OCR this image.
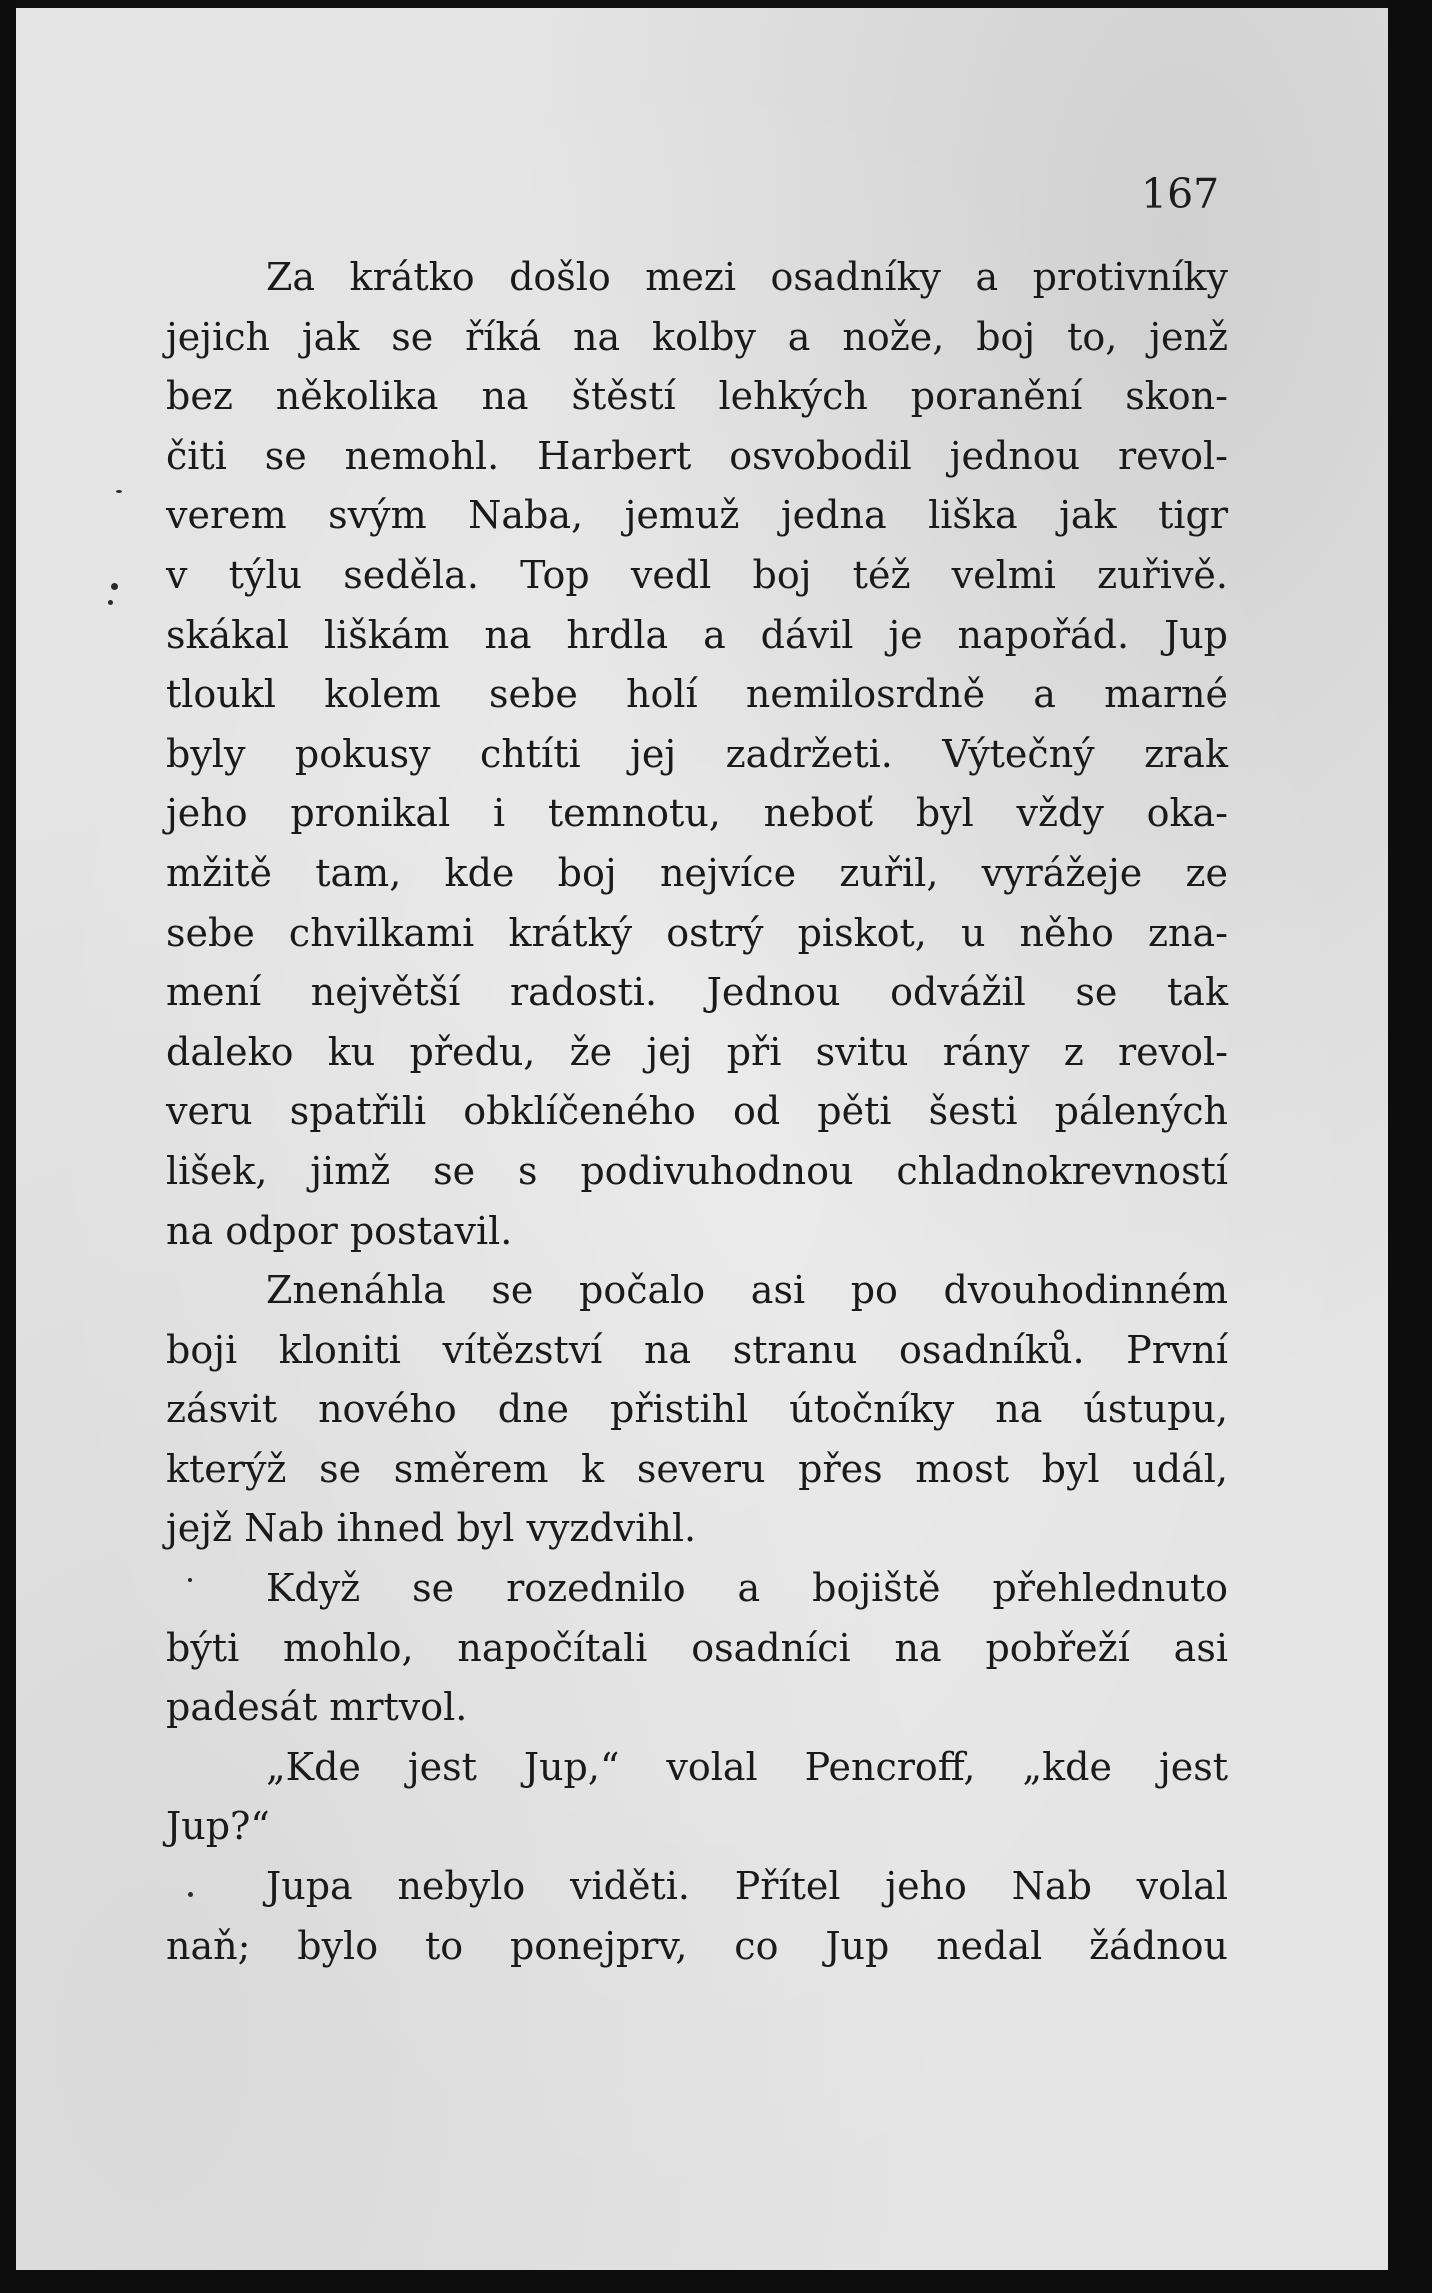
167
Za krátko došlo mezi osadníky a protivníky
jejich jak se říká na kolby a nože, boj to, jenž
bez několika na štěstí lehkých poranění skon-
čiti se nemohl. Harbert osvobodil jednou revol-
verem svým Naba, jemuž jedna liška jak tigr
v týlu seděla. Top vedl boj též velmi zuřivě.
skákal liškám na hrdla a dávil je napořád. Jup
tloukl kolem sebe holí nemilosrdně a marné
byly pokusy chtíti jej zadržeti. Výtečný zrak
jeho pronikal i temnotu, neboť byl vždy oka-
mžitě tam, kde boj nejvíce zuřil, vyrážeje ze
sebe chvilkami krátký ostrý piskot, u něho zna-
mení největší radosti. Jednou odvážil se tak
daleko ku předu, že jej při svitu rány z revol-
veru spatřili obklíčeného od pěti šesti pálených
lišek, jimž se s podivuhodnou chladnokrevností
na odpor postavil.
Znenáhla se počalo asi po dvouhodinném
boji kloniti vítězství na stranu osadníků. První
zásvit nového dne přistihl útočníky na ústupu,
kterýž se směrem k severu přes most byl udál,
jejž Nab ihned byl vyzdvihl.
Když se rozednilo a bojiště přehlednuto
býti mohlo, napočítali osadníci na pobřeží asi
padesát mrtvol.
„Kde jest Jup,“ volal Pencroff, „kde jest
Jup?“
Jupa nebylo viděti. Přítel jeho Nab volal
naň; bylo to ponejprv, co Jup nedal žádnou
